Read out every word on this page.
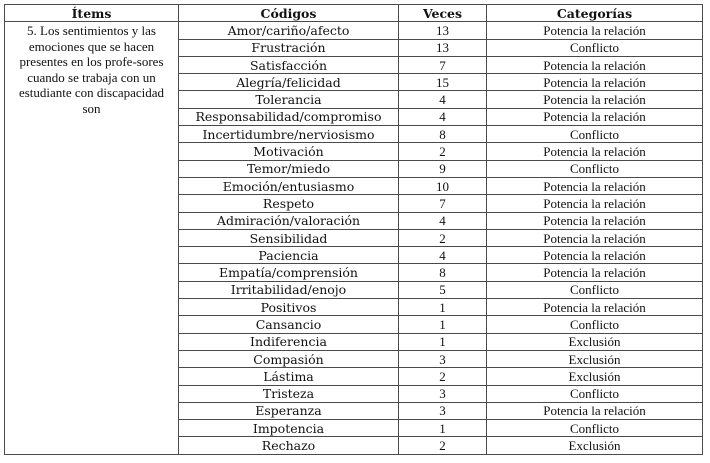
Ítems	Códigos	Veces	Categorías
5. Los sentimientos y las emociones que se hacen presentes en los profe-sores cuando se trabaja con un estudiante con discapacidad son	Amor/cariño/afecto	13	Potencia la relación
	Frustración	13	Conflicto
	Satisfacción	7	Potencia la relación
	Alegría/felicidad	15	Potencia la relación
	Tolerancia	4	Potencia la relación
	Responsabilidad/compromiso	4	Potencia la relación
	Incertidumbre/nerviosismo	8	Conflicto
	Motivación	2	Potencia la relación
	Temor/miedo	9	Conflicto
	Emoción/entusiasmo	10	Potencia la relación
	Respeto	7	Potencia la relación
	Admiración/valoración	4	Potencia la relación
	Sensibilidad	2	Potencia la relación
	Paciencia	4	Potencia la relación
	Empatía/comprensión	8	Potencia la relación
	Irritabilidad/enojo	5	Conflicto
	Positivos	1	Potencia la relación
	Cansancio	1	Conflicto
	Indiferencia	1	Exclusión
	Compasión	3	Exclusión
	Lástima	2	Exclusión
	Tristeza	3	Conflicto
	Esperanza	3	Potencia la relación
	Impotencia	1	Conflicto
	Rechazo	2	Exclusión
